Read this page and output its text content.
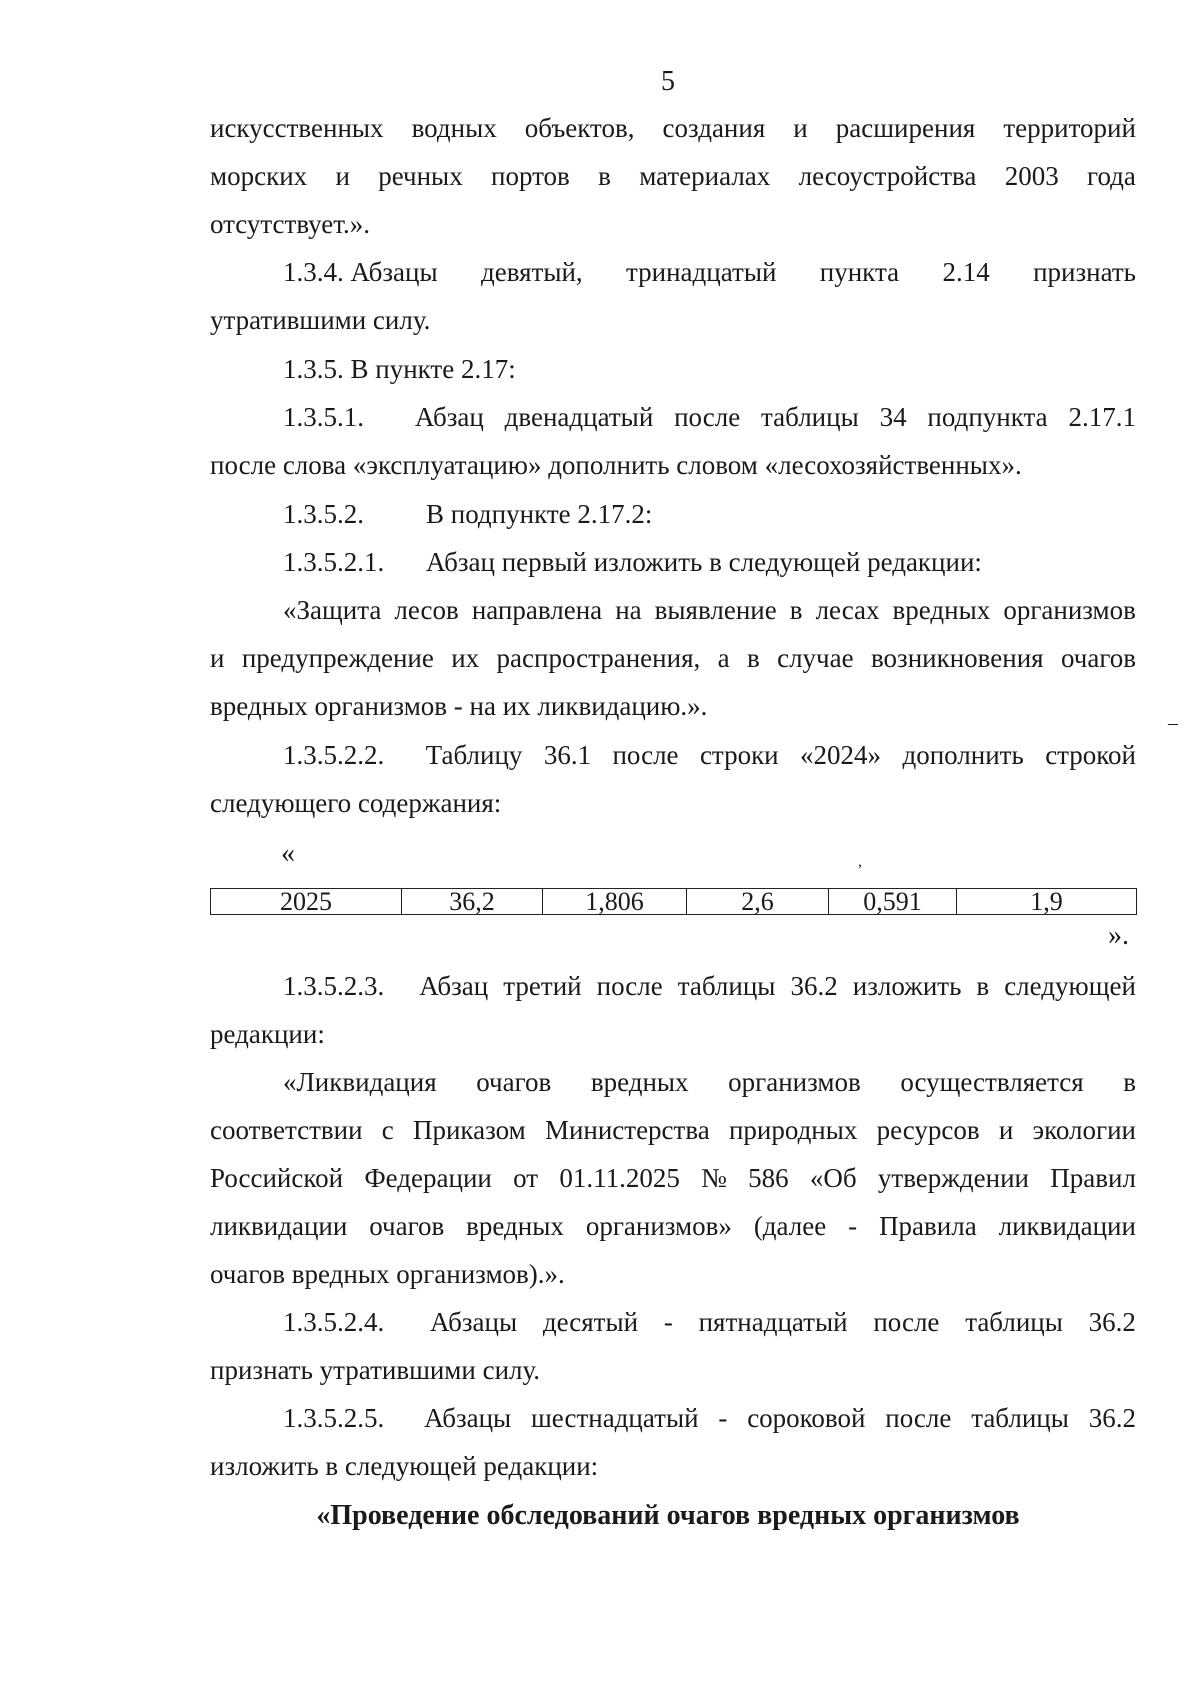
5
искусственных водных объектов, создания и расширения территорий
морских и речных портов в материалах лесоустройства 2003 года
отсутствует.».
1.3.4. Абзацы девятый, тринадцатый пункта 2.14 признать
утратившими силу.
1.3.5. В пункте 2.17:
1.3.5.1. Абзац двенадцатый после таблицы 34 подпункта 2.17.1
после слова «эксплуатацию» дополнить словом «лесохозяйственных».
1.3.5.2. В подпункте 2.17.2:
1.3.5.2.1. Абзац первый изложить в следующей редакции:
«Защита лесов направлена на выявление в лесах вредных организмов
и предупреждение их распространения, а в случае возникновения очагов
вредных организмов - на их ликвидацию.».
–
1.3.5.2.2. Таблицу 36.1 после строки «2024» дополнить строкой
следующего содержания:
«	,
2025	36,2	1,806	2,6	0,591	1,9
».
1.3.5.2.3. Абзац третий после таблицы 36.2 изложить в следующей
редакции:
«Ликвидация очагов вредных организмов осуществляется в
соответствии с Приказом Министерства природных ресурсов и экологии
Российской Федерации от 01.11.2025 № 586 «Об утверждении Правил
ликвидации очагов вредных организмов» (далее - Правила ликвидации
очагов вредных организмов).».
1.3.5.2.4. Абзацы десятый - пятнадцатый после таблицы 36.2
признать утратившими силу.
1.3.5.2.5. Абзацы шестнадцатый - сороковой после таблицы 36.2
изложить в следующей редакции:
«Проведение обследований очагов вредных организмов
